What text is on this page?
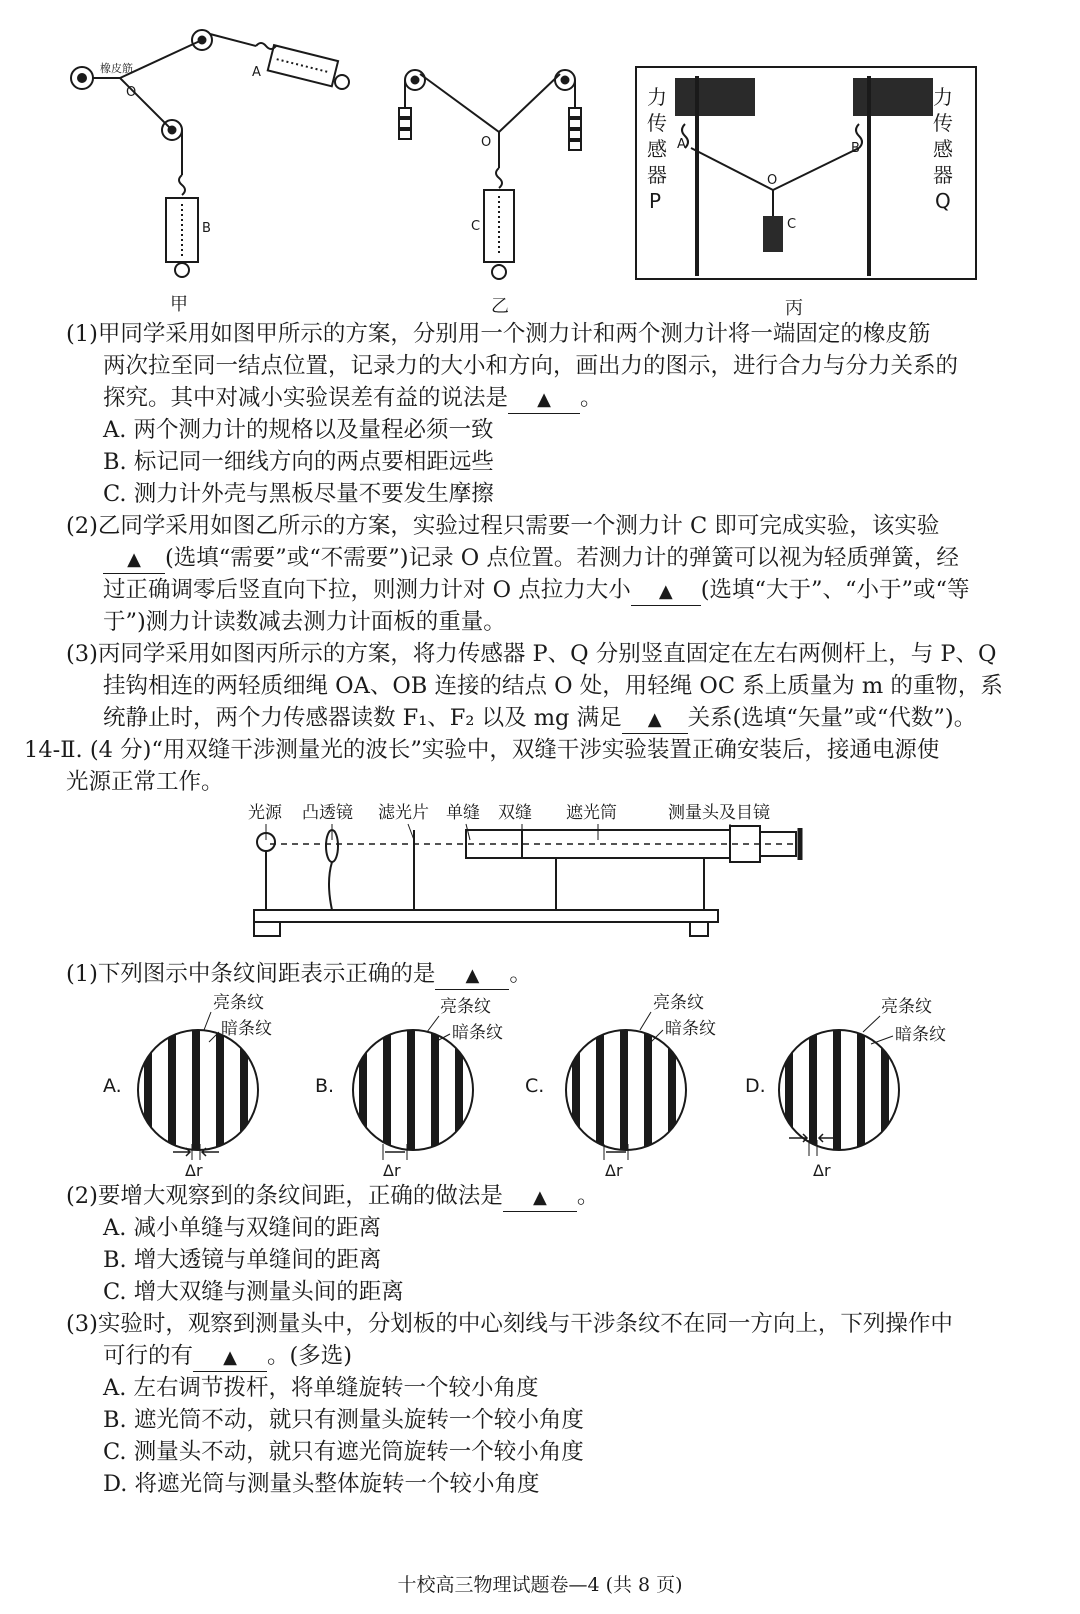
橡皮筋
O
A
B
甲
O
C
乙
力
传
感
器
P
力
传
感
器
Q
A	B
O
C
丙
(1)甲同学采用如图甲所示的方案，分别用一个测力计和两个测力计将一端固定的橡皮筋
两次拉至同一结点位置，记录力的大小和方向，画出力的图示，进行合力与分力关系的
探究。其中对减小实验误差有益的说法是 ▲ 。
A. 两个测力计的规格以及量程必须一致
B. 标记同一细线方向的两点要相距远些
C. 测力计外壳与黑板尽量不要发生摩擦
(2)乙同学采用如图乙所示的方案，实验过程只需要一个测力计 C 即可完成实验，该实验
▲ (选填“需要”或“不需要”)记录 O 点位置。若测力计的弹簧可以视为轻质弹簧，经
过正确调零后竖直向下拉，则测力计对 O 点拉力大小 ▲ (选填“大于”、“小于”或“等
于”)测力计读数减去测力计面板的重量。
(3)丙同学采用如图丙所示的方案，将力传感器 P、Q 分别竖直固定在左右两侧杆上，与 P、Q
挂钩相连的两轻质细绳 OA、OB 连接的结点 O 处，用轻绳 OC 系上质量为 m 的重物，系
统静止时，两个力传感器读数 F₁、F₂ 以及 mg 满足 ▲ 关系(选填“矢量”或“代数”)。
14-Ⅱ. (4 分)“用双缝干涉测量光的波长”实验中，双缝干涉实验装置正确安装后，接通电源使
光源正常工作。
光源 凸透镜 滤光片 单缝 双缝 遮光筒	测量头及目镜
(1)下列图示中条纹间距表示正确的是 ▲ 。
A.
亮条纹
暗条纹
Δr
B.
亮条纹
暗条纹
Δr
C.
亮条纹
暗条纹
Δr
D.
亮条纹
暗条纹
Δr
(2)要增大观察到的条纹间距，正确的做法是 ▲ 。
A. 减小单缝与双缝间的距离
B. 增大透镜与单缝间的距离
C. 增大双缝与测量头间的距离
(3)实验时，观察到测量头中，分划板的中心刻线与干涉条纹不在同一方向上，下列操作中
可行的有 ▲ 。(多选)
A. 左右调节拨杆，将单缝旋转一个较小角度
B. 遮光筒不动，就只有测量头旋转一个较小角度
C. 测量头不动，就只有遮光筒旋转一个较小角度
D. 将遮光筒与测量头整体旋转一个较小角度
十校高三物理试题卷—4 (共 8 页)
